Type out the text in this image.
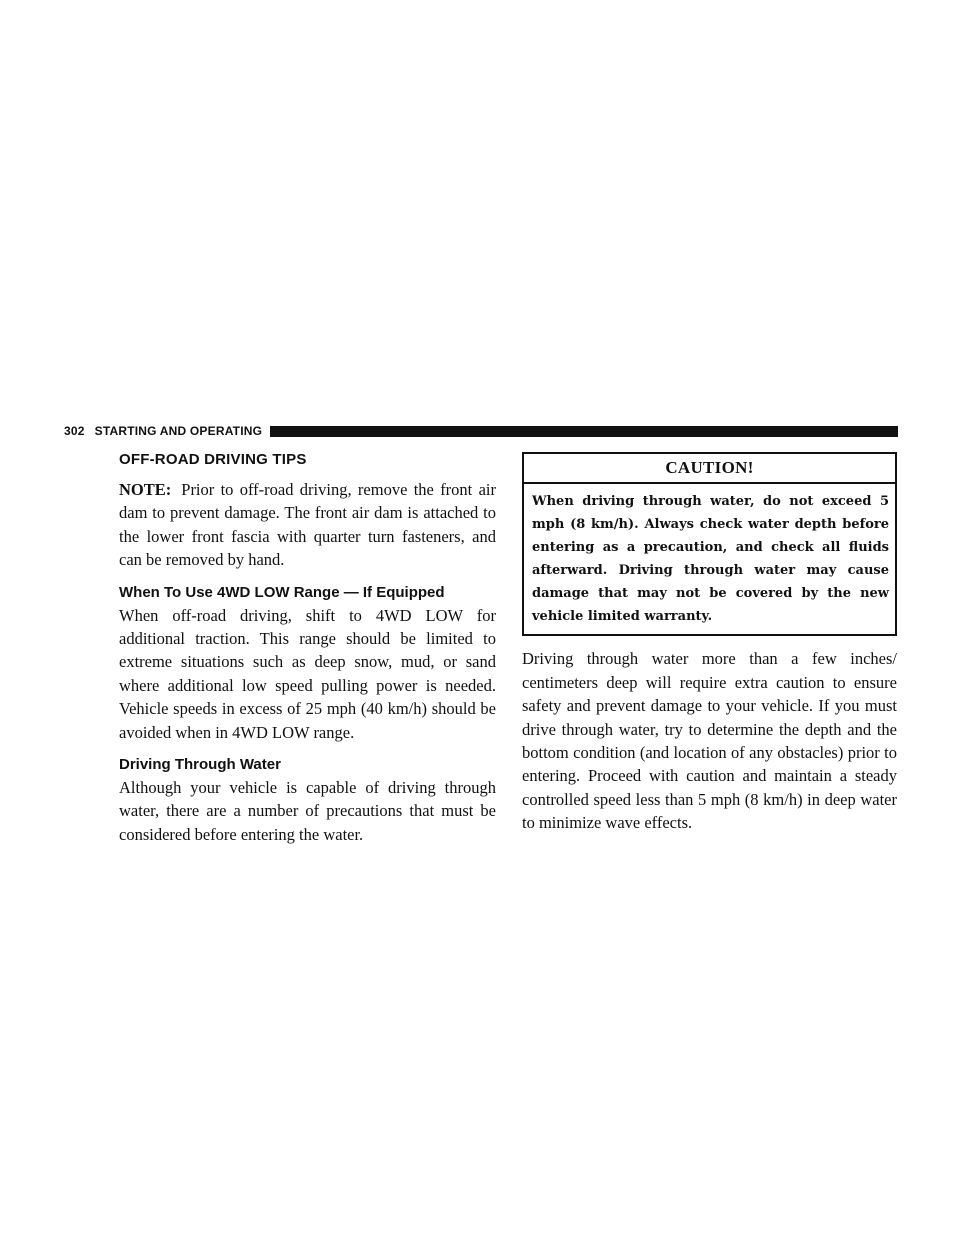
302 STARTING AND OPERATING
OFF-ROAD DRIVING TIPS

NOTE: Prior to off-road driving, remove the front air dam to prevent damage. The front air dam is attached to the lower front fascia with quarter turn fasteners, and can be removed by hand.

When To Use 4WD LOW Range — If Equipped

When off-road driving, shift to 4WD LOW for additional traction. This range should be limited to extreme situations such as deep snow, mud, or sand where additional low speed pulling power is needed. Vehicle speeds in excess of 25 mph (40 km/h) should be avoided when in 4WD LOW range.

Driving Through Water

Although your vehicle is capable of driving through water, there are a number of precautions that must be considered before entering the water.

CAUTION!
When driving through water, do not exceed 5 mph (8 km/h). Always check water depth before entering as a precaution, and check all fluids afterward. Driving through water may cause damage that may not be covered by the new vehicle limited warranty.

Driving through water more than a few inches/ centimeters deep will require extra caution to ensure safety and prevent damage to your vehicle. If you must drive through water, try to determine the depth and the bottom condition (and location of any obstacles) prior to entering. Proceed with caution and maintain a steady controlled speed less than 5 mph (8 km/h) in deep water to minimize wave effects.
